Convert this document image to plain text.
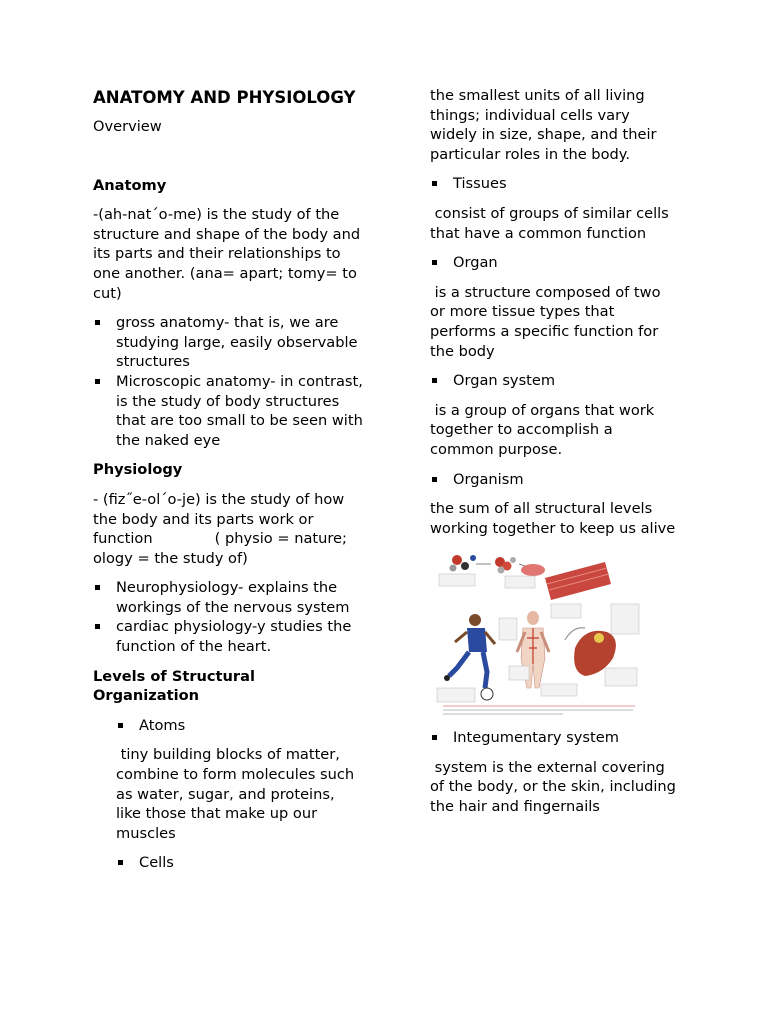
ANATOMY AND PHYSIOLOGY

Overview

Anatomy

-(ah-nat´o-me) is the study of the structure and shape of the body and its parts and their relationships to one another. (ana= apart; tomy= to cut)

gross anatomy- that is, we are studying large, easily observable structures
Microscopic anatomy- in contrast, is the study of body structures that are too small to be seen with the naked eye
Physiology

- (fiz˝e-ol´o-je) is the study of how the body and its parts work or function	( physio = nature; ology = the study of)

Neurophysiology- explains the workings of the nervous system
cardiac physiology-y studies the function of the heart.
Levels of Structural Organization
Atoms

tiny building blocks of matter, combine to form molecules such as water, sugar, and proteins, like those that make up our muscles

Cells

the smallest units of all living things; individual cells vary widely in size, shape, and their particular roles in the body.

Tissues

consist of groups of similar cells that have a common function

Organ

is a structure composed of two or more tissue types that performs a specific function for the body

Organ system

is a group of organs that work together to accomplish a common purpose.

Organism

the sum of all structural levels working together to keep us alive

Integumentary system

system is the external covering of the body, or the skin, including the hair and fingernails
